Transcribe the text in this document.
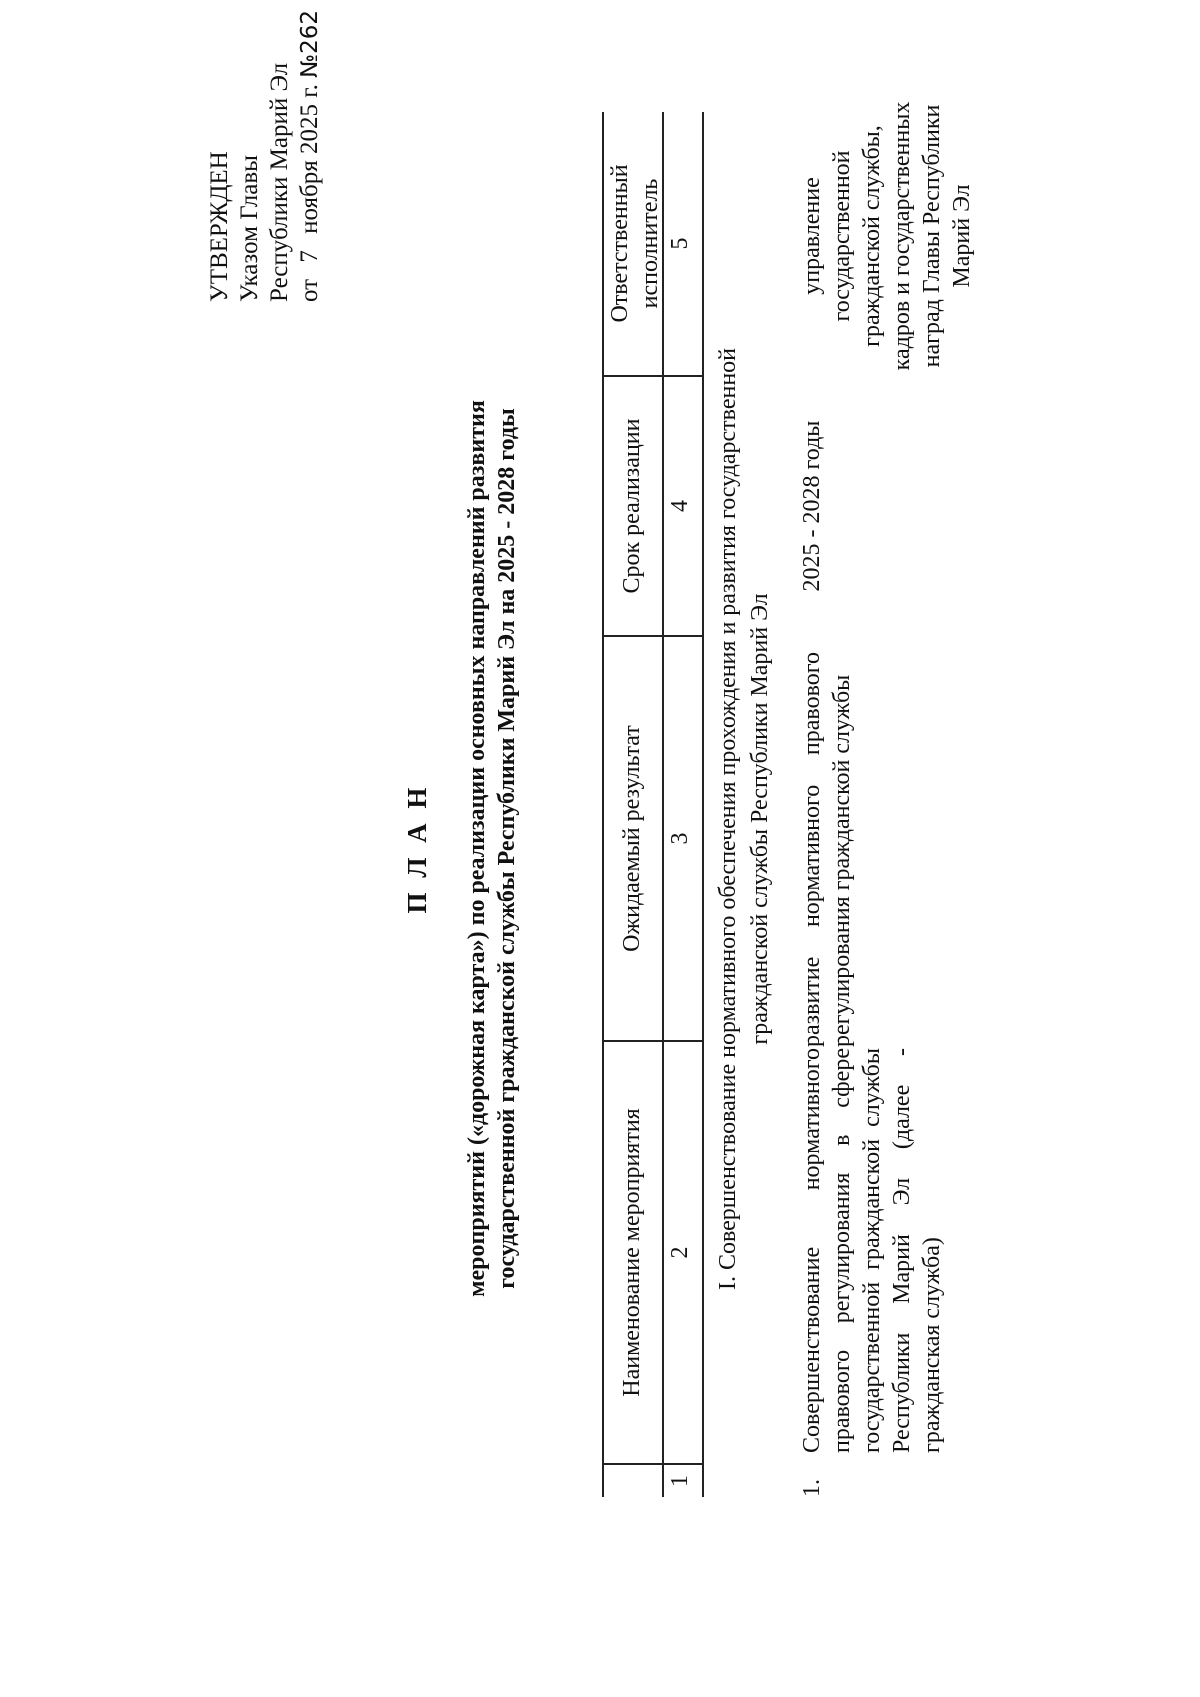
УТВЕРЖДЕН Указом Главы Республики Марий Эл от 7 ноября 2025 г. №262
П Л А Н мероприятий («дорожная карта») по реализации основных направлений развития государственной гражданской службы Республики Марий Эл на 2025 - 2028 годы	Наименование мероприятия
Ожидаемый результат
Срок реализации
Ответственный исполнитель
1
2
3
4
5
I. Совершенствование нормативного обеспечения прохождения и развития государственной гражданской службы Республики Марий Эл
1.
Совершенствование нормативного правового регулирования в сфере государственной гражданской службы Республики Марий Эл (далее - гражданская служба)
развитие нормативного правового регулирования гражданской службы
2025 - 2028 годы
управление государственной гражданской службы, кадров и государственных наград Главы Республики Марий Эл
